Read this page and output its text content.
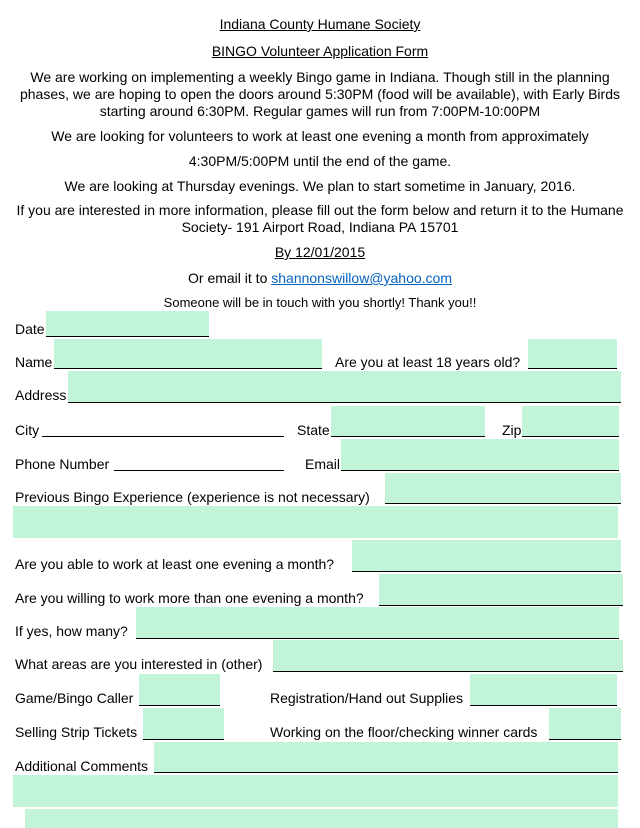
Indiana County Humane Society
BINGO Volunteer Application Form
We are working on implementing a weekly Bingo game in Indiana. Though still in the planning
phases, we are hoping to open the doors around 5:30PM (food will be available), with Early Birds
starting around 6:30PM. Regular games will run from 7:00PM-10:00PM
We are looking for volunteers to work at least one evening a month from approximately
4:30PM/5:00PM until the end of the game.
We are looking at Thursday evenings. We plan to start sometime in January, 2016.
If you are interested in more information, please fill out the form below and return it to the Humane
Society- 191 Airport Road, Indiana PA 15701
By 12/01/2015
Or email it to shannonswillow@yahoo.com
Someone will be in touch with you shortly! Thank you!!
Date
Name	Are you at least 18 years old?
Address
City	State	Zip
Phone Number	Email
Previous Bingo Experience (experience is not necessary)
Are you able to work at least one evening a month?
Are you willing to work more than one evening a month?
If yes, how many?
What areas are you interested in (other)
Game/Bingo Caller	Registration/Hand out Supplies
Selling Strip Tickets	Working on the floor/checking winner cards
Additional Comments
